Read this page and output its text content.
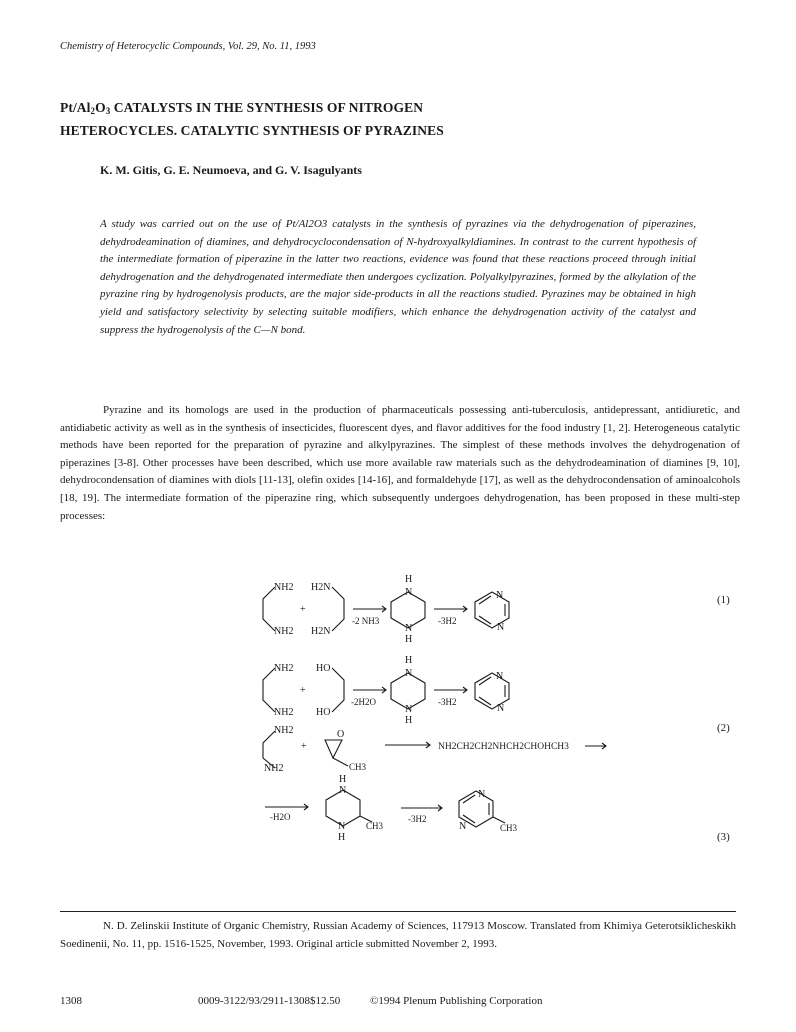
Chemistry of Heterocyclic Compounds, Vol. 29, No. 11, 1993
$Pt/Al_2O_3$ CATALYSTS IN THE SYNTHESIS OF NITROGEN
HETEROCYCLES. CATALYTIC SYNTHESIS OF PYRAZINES
K. M. Gitis, G. E. Neumoeva, and G. V. Isagulyants
A study was carried out on the use of Pt/Al2O3 catalysts in the synthesis of pyrazines via the dehydrogenation of piperazines, dehydrodeamination of diamines, and dehydrocyclocondensation of N-hydroxyalkyldiamines. In contrast to the current hypothesis of the intermediate formation of piperazine in the latter two reactions, evidence was found that these reactions proceed through initial dehydrogenation and the dehydrogenated intermediate then undergoes cyclization. Polyalkylpyrazines, formed by the alkylation of the pyrazine ring by hydrogenolysis products, are the major side-products in all the reactions studied. Pyrazines may be obtained in high yield and satisfactory selectivity by selecting suitable modifiers, which enhance the dehydrogenation activity of the catalyst and suppress the hydrogenolysis of the C—N bond.

Pyrazine and its homologs are used in the production of pharmaceuticals possessing anti-tuberculosis, antidepressant, antidiuretic, and antidiabetic activity as well as in the synthesis of insecticides, fluorescent dyes, and flavor additives for the food industry [1, 2]. Heterogeneous catalytic methods have been reported for the preparation of pyrazine and alkylpyrazines. The simplest of these methods involves the dehydrogenation of piperazines [3-8]. Other processes have been described, which use more available raw materials such as the dehydrodeamination of diamines [9, 10], dehydrocondensation of diamines with diols [11-13], olefin oxides [14-16], and formaldehyde [17], as well as the dehydrocondensation of aminoalcohols [18, 19]. The intermediate formation of the piperazine ring, which subsequently undergoes dehydrogenation, has been proposed in these multi-step processes:

NH2
NH2
H2N
H2N
+
-2 NH3
H
N
N
H
-3H2
N
N
NH2
NH2
HO
HO
+
-2H2O
H
N
N
H
-3H2
N
N
NH2
NH2
+
O
CH3
NH2CH2CH2NHCH2CHOHCH3
-H2O
H
N
N
H
CH3
-3H2
N
N	CH3
(1)
(2)
(3)

N. D. Zelinskii Institute of Organic Chemistry, Russian Academy of Sciences, 117913 Moscow. Translated from Khimiya Geterotsiklicheskikh Soedinenii, No. 11, pp. 1516-1525, November, 1993. Original article submitted November 2, 1993.

1308	0009-3122/93/2911-1308$12.50	©1994 Plenum Publishing Corporation
